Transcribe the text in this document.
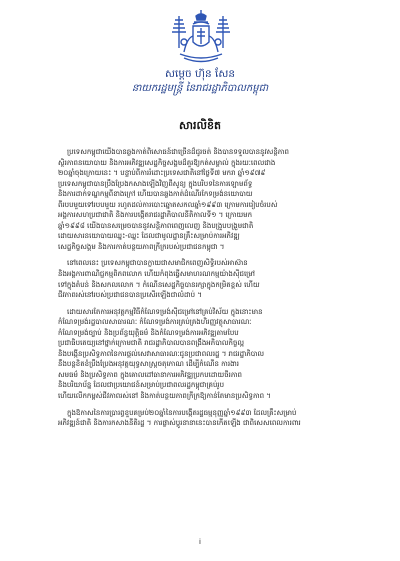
សម្ដេច ហ៊ុន សែន
នាយករដ្ឋមន្ត្រី នៃរាជរដ្ឋាភិបាលកម្ពុជា
សារលិខិត
ប្រទេសកម្ពុជាយើងបានឆ្លងកាត់ពិសោធន៍ជាច្រើនដ៏ជូរចត់ និងបានទទួលបាននូវសន្តិភាព
ស្ថិរភាពនយោបាយ និងការអភិវឌ្ឍសេដ្ឋកិច្ចសង្គមដ៏គួរឱ្យកត់សម្គាល់ ក្នុងរយៈពេលជាង
២០ឆ្នាំចុងក្រោយនេះ ។ បន្ទាប់ពីការរំដោះប្រទេសជាតិនៅថ្ងៃទី៧ មករា ឆ្នាំ១៩៧៩
ប្រទេសកម្ពុជាបានប្រឹងប្រែងកសាងឡើងវិញពីសូន្យ ក្នុងបរិបទនៃការឡោមព័ទ្ធ
និងការដាក់ទណ្ឌកម្មពីខាងក្រៅ ហើយបានឆ្លងកាត់ដំណើរកែទម្រង់នយោបាយ
ពីរបបមួយទៅរបបមួយ រហូតដល់ការបោះឆ្នោតសកលឆ្នាំ១៩៩៣ ក្រោមការរៀបចំរបស់
អង្គការសហប្រជាជាតិ និងការបង្កើតរាជរដ្ឋាភិបាលនីតិកាលទី១ ។ ក្រោយមក
ឆ្នាំ១៩៩៨ យើងបានសម្រេចបាននូវសន្តិភាពពេញលេញ និងបង្រួបបង្រួមជាតិ
ដោយសារនយោបាយឈ្នះ-ឈ្នះ ដែលជាមូលដ្ឋានគ្រឹះសម្រាប់ការអភិវឌ្ឍ
សេដ្ឋកិច្ចសង្គម និងការកាត់បន្ថយភាពក្រីក្ររបស់ប្រជាជនកម្ពុជា ។
នៅពេលនេះ ប្រទេសកម្ពុជាបានក្លាយជាសមាជិកពេញសិទ្ធិរបស់អាស៊ាន
និងអង្គការពាណិជ្ជកម្មពិភពលោក ហើយកំពុងធ្វើសមាហរណកម្មយ៉ាងស៊ីជម្រៅ
ទៅក្នុងតំបន់ និងសកលលោក ។ កំណើនសេដ្ឋកិច្ចបានរក្សាក្នុងកម្រិតខ្ពស់ ហើយ
ជីវភាពរស់នៅរបស់ប្រជាជនបានប្រសើរឡើងជាលំដាប់ ។
ដោយសារតែការអនុវត្តកម្មវិធីកំណែទម្រង់ស៊ីជម្រៅនៅគ្រប់វិស័យ ក្នុងនោះមាន
កំណែទម្រង់រដ្ឋបាលសាធារណៈ កំណែទម្រង់ការគ្រប់គ្រងហិរញ្ញវត្ថុសាធារណៈ
កំណែទម្រង់ច្បាប់ និងប្រព័ន្ធយុត្តិធម៌ និងកំណែទម្រង់ការអភិវឌ្ឍតាមបែប
ប្រជាធិបតេយ្យនៅថ្នាក់ក្រោមជាតិ រាជរដ្ឋាភិបាលបានពង្រឹងអភិបាលកិច្ចល្អ
និងបង្កើនប្រសិទ្ធភាពនៃការផ្ដល់សេវាសាធារណៈជូនប្រជាពលរដ្ឋ ។ រាជរដ្ឋាភិបាល
នឹងបន្តខិតខំប្រឹងប្រែងអនុវត្តយុទ្ធសាស្ត្រចតុកោណ ដើម្បីកំណើន ការងារ
សមធម៌ និងប្រសិទ្ធភាព ក្នុងគោលដៅធានាការអភិវឌ្ឍប្រកបដោយចីរភាព
និងបរិយាប័ន្ន ដែលជាប្រយោជន៍សម្រាប់ប្រជាពលរដ្ឋកម្ពុជាគ្រប់រូប
ហើយលើកកម្ពស់ជីវភាពរស់នៅ និងកាត់បន្ថយភាពក្រីក្រឱ្យកាន់តែមានប្រសិទ្ធភាព ។
ក្នុងឱកាសនៃការប្រារព្ធខួបគម្រប់២០ឆ្នាំនៃការបង្កើតរដ្ឋធម្មនុញ្ញឆ្នាំ១៩៩៣ ដែលគ្រឹះសម្រាប់
អភិវឌ្ឍន៍ជាតិ និងការកសាងនីតិរដ្ឋ ។ ការផ្លាស់ប្ដូរនានានេះបានកើតឡើង ជាពិសេសពេលការពារ
i
